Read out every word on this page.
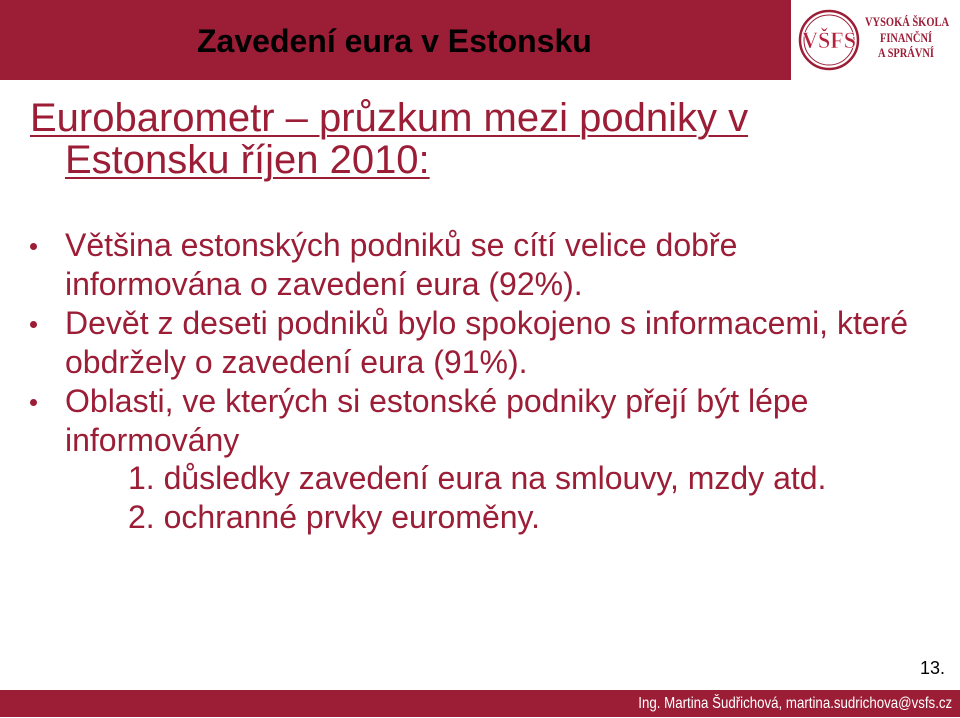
Zavedení eura v Estonsku	VŠFS
VYSOKÁ ŠKOLA
FINANČNÍ
A SPRÁVNÍ
Eurobarometr – průzkum mezi podniky v
Estonsku říjen 2010:
Většina estonských podniků se cítí velice dobře
informována o zavedení eura (92%).
Devět z deseti podniků bylo spokojeno s informacemi, které
obdržely o zavedení eura (91%).
Oblasti, ve kterých si estonské podniky přejí být lépe
informovány
1. důsledky zavedení eura na smlouvy, mzdy atd.
2. ochranné prvky euroměny.
13.
Ing. Martina Šudřichová, martina.sudrichova@vsfs.cz
